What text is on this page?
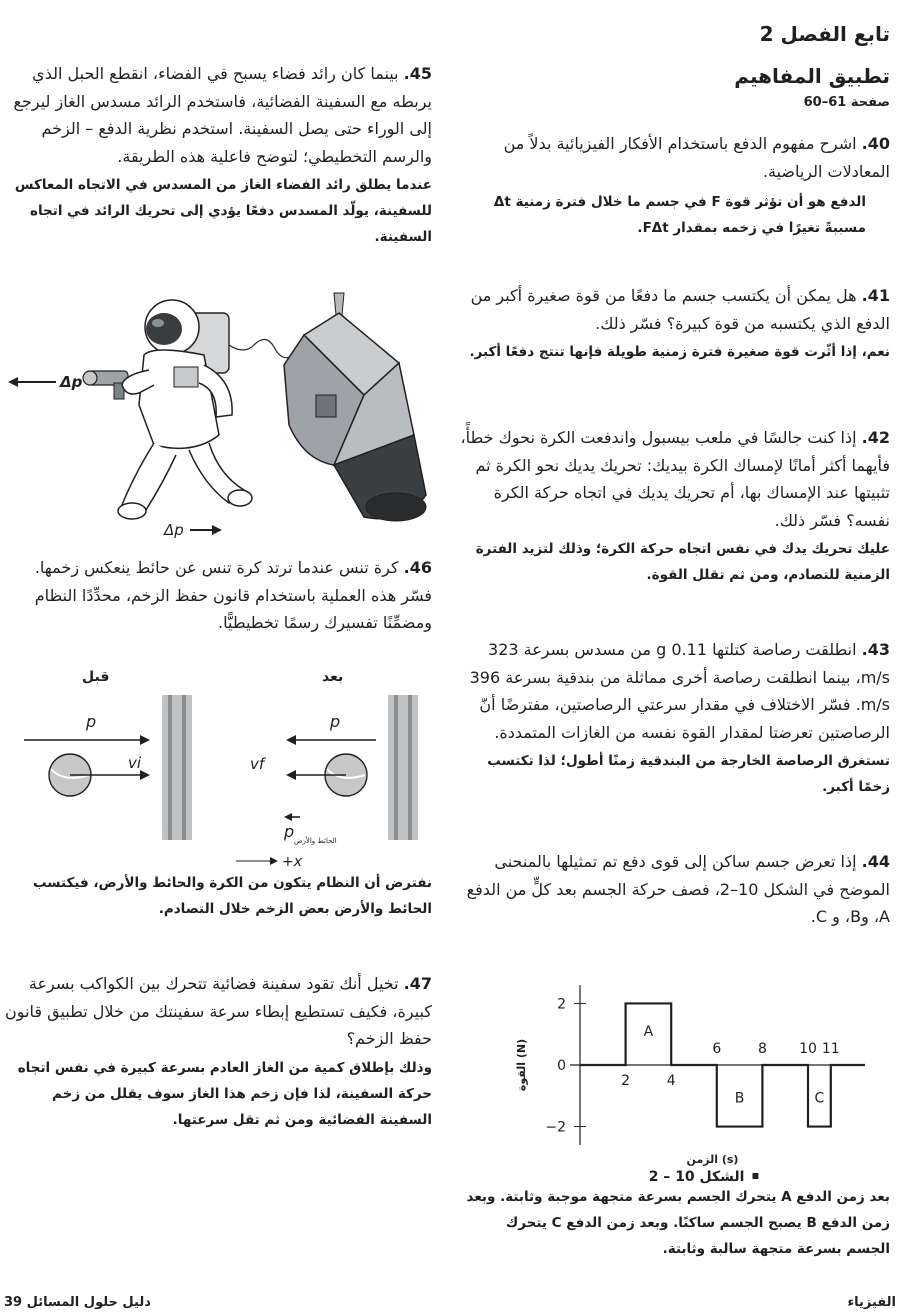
تابع الفصل 2
تطبيق المفاهيم
صفحة 61–60
40. اشرح مفهوم الدفع باستخدام الأفكار الفيزيائية بدلاً من المعادلات الرياضية.
الدفع هو أن تؤثر قوة F في جسم ما خلال فترة زمنية Δt مسببةً تغيرًا في زخمه بمقدار FΔt.
41. هل يمكن أن يكتسب جسم ما دفعًا من قوة صغيرة أكبر من الدفع الذي يكتسبه من قوة كبيرة؟ فسّر ذلك.
نعم، إذا أثّرت قوة صغيرة فترة زمنية طويلة فإنها تنتج دفعًا أكبر.
42. إذا كنت جالسًا في ملعب بيسبول واندفعت الكرة نحوك خطأً، فأيهما أكثر أمانًا لإمساك الكرة بيديك: تحريك يديك نحو الكرة ثم تثبيتها عند الإمساك بها، أم تحريك يديك في اتجاه حركة الكرة نفسه؟ فسّر ذلك.
عليك تحريك يدك في نفس اتجاه حركة الكرة؛ وذلك لتزيد الفترة الزمنية للتصادم، ومن ثم تقلل القوة.
43. انطلقت رصاصة كتلتها 0.11 g من مسدس بسرعة 323 m/s، بينما انطلقت رصاصة أخرى مماثلة من بندقية بسرعة 396 m/s. فسّر الاختلاف في مقدار سرعتي الرصاصتين، مفترضًا أنّ الرصاصتين تعرضتا لمقدار القوة نفسه من الغازات المتمددة.
تستغرق الرصاصة الخارجة من البندقية زمنًا أطول؛ لذا تكتسب زخمًا أكبر.
44. إذا تعرض جسم ساكن إلى قوى دفع تم تمثيلها بالمنحنى الموضح في الشكل 10–2، فصف حركة الجسم بعد كلٍّ من الدفع A، وB، و C.
2
0
−2
2	4
6	8 10 11
A
B	C
القوة (N)
الزمن (s)
الشكل 10 – 2
بعد زمن الدفع A يتحرك الجسم بسرعة متجهة موجبة وثابتة. وبعد زمن الدفع B يصبح الجسم ساكنًا. وبعد زمن الدفع C يتحرك الجسم بسرعة متجهة سالبة وثابتة.
45. بينما كان رائد فضاء يسبح في الفضاء، انقطع الحبل الذي يربطه مع السفينة الفضائية، فاستخدم الرائد مسدس الغاز ليرجع إلى الوراء حتى يصل السفينة. استخدم نظرية الدفع – الزخم والرسم التخطيطي؛ لتوضح فاعلية هذه الطريقة.
عندما يطلق رائد الفضاء الغاز من المسدس في الاتجاه المعاكس للسفينة، يولّد المسدس دفعًا يؤدي إلى تحريك الرائد في اتجاه السفينة.
Δp
Δp
46. كرة تنس عندما ترتد كرة تنس عن حائط ينعكس زخمها. فسّر هذه العملية باستخدام قانون حفظ الزخم، محدِّدًا النظام ومضمِّنًا تفسيرك رسمًا تخطيطيًّا.
قبل	بعد
p
vi
p
vf
p الحائط والأرض
+x
نفترض أن النظام يتكون من الكرة والحائط والأرض، فيكتسب الحائط والأرض بعض الزخم خلال التصادم.
47. تخيل أنك تقود سفينة فضائية تتحرك بين الكواكب بسرعة كبيرة، فكيف تستطيع إبطاء سرعة سفينتك من خلال تطبيق قانون حفظ الزخم؟
وذلك بإطلاق كمية من الغاز العادم بسرعة كبيرة في نفس اتجاه حركة السفينة، لذا فإن زخم هذا الغاز سوف يقلل من زخم السفينة الفضائية ومن ثم تقل سرعتها.
دليل حلول المسائل 39	الفيزياء
